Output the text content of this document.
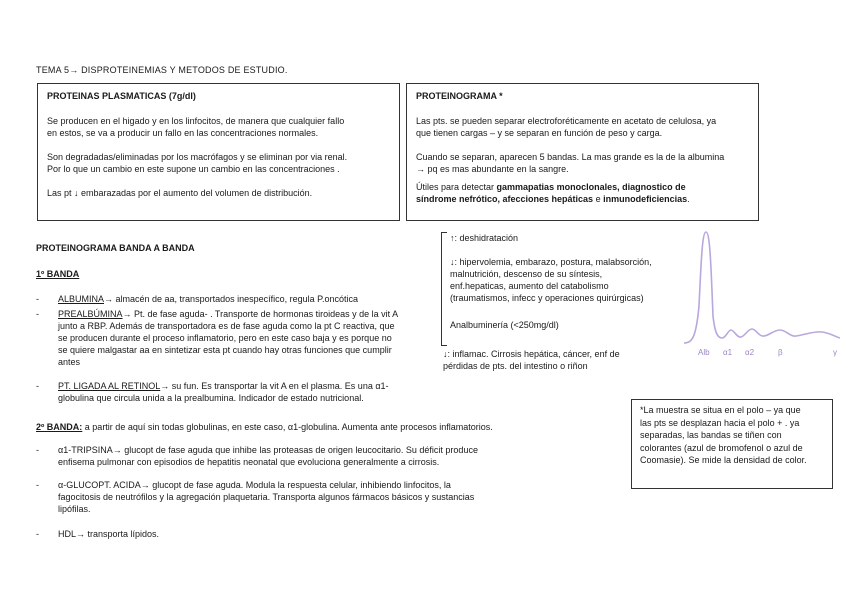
TEMA 5→ DISPROTEINEMIAS Y METODOS DE ESTUDIO.
PROTEINAS PLASMATICAS (7g/dl)

Se producen en el higado y en los linfocitos, de manera que cualquier fallo

en estos, se va a producir un fallo en las concentraciones normales.

Son degradadas/eliminadas por los macrófagos y se eliminan por via renal.

Por lo que un cambio en este supone un cambio en las concentraciones .

Las pt ↓ embarazadas por el aumento del volumen de distribución.

PROTEINOGRAMA *

Las pts. se pueden separar electroforéticamente en acetato de celulosa, ya

que tienen cargas – y se separan en función de peso y carga.

Cuando se separan, aparecen 5 bandas. La mas grande es la de la albumina

→ pq es mas abundante en la sangre.

Útiles para detectar gammapatias monoclonales, diagnostico de

síndrome nefrótico, afecciones hepáticas e inmunodeficiencias.

PROTEINOGRAMA BANDA A BANDA
1º BANDA
- ALBUMINA→ almacén de aa, transportados inespecífico, regula P.oncótica
- PREALBÚMINA→ Pt. de fase aguda- . Transporte de hormonas tiroideas y de la vit A
junto a RBP. Además de transportadora es de fase aguda como la pt C reactiva, que
se producen durante el proceso inflamatorio, pero en este caso baja y es porque no
se quiere malgastar aa en sintetizar esta pt cuando hay otras funciones que cumplir
antes
- PT. LIGADA AL RETINOL→ su fun. Es transportar la vit A en el plasma. Es una α1-
globulina que circula unida a la prealbumina. Indicador de estado nutricional.
2º BANDA: a partir de aquí sin todas globulinas, en este caso, α1-globulina. Aumenta ante procesos inflamatorios.
- α1-TRIPSINA→ glucopt de fase aguda que inhibe las proteasas de origen leucocitario. Su déficit produce
enfisema pulmonar con episodios de hepatitis neonatal que evoluciona generalmente a cirrosis.
- α-GLUCOPT. ACIDA→ glucopt de fase aguda. Modula la respuesta celular, inhibiendo linfocitos, la
fagocitosis de neutrófilos y la agregación plaquetaria. Transporta algunos fármacos básicos y sustancias
lipófilas.
- HDL→ transporta lípidos.
↑: deshidratación
↓: hipervolemia, embarazo, postura, malabsorción,
malnutrición, descenso de su síntesis,
enf.hepaticas, aumento del catabolismo
(traumatismos, infecc y operaciones quirúrgicas)
Analbuminería (<250mg/dl)
↓: inflamac. Cirrosis hepática, cáncer, enf de
pérdidas de pts. del intestino o riñon
Alb α1 α2	β	γ
*La muestra se situa en el polo – ya que
las pts se desplazan hacia el polo + . ya
separadas, las bandas se tiñen con
colorantes (azul de bromofenol o azul de
Coomasie). Se mide la densidad de color.
